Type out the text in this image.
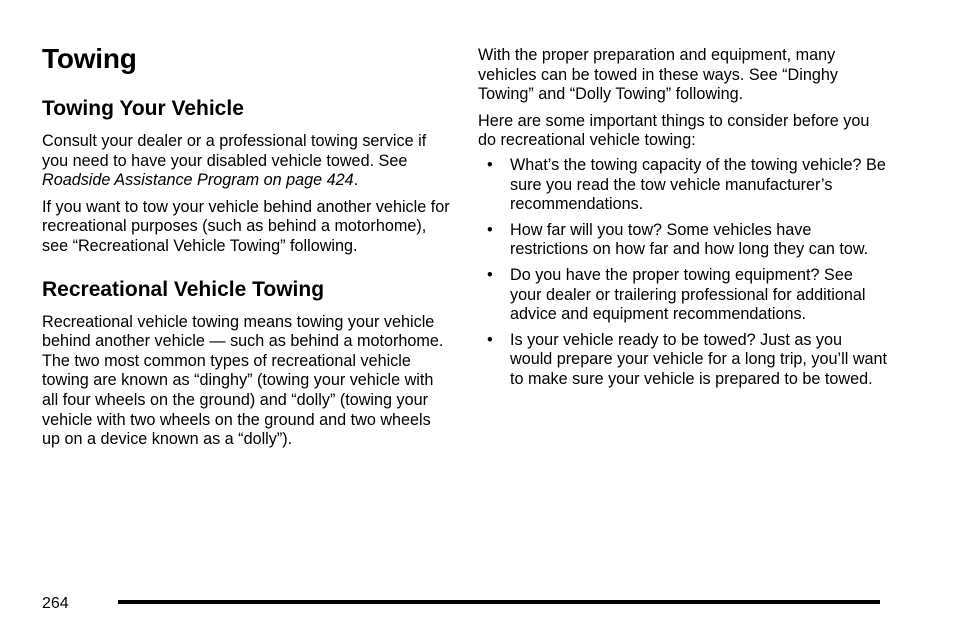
Towing
Towing Your Vehicle

Consult your dealer or a professional towing service if you need to have your disabled vehicle towed. See Roadside Assistance Program on page 424.

If you want to tow your vehicle behind another vehicle for recreational purposes (such as behind a motorhome), see “Recreational Vehicle Towing” following.

Recreational Vehicle Towing

Recreational vehicle towing means towing your vehicle behind another vehicle — such as behind a motorhome. The two most common types of recreational vehicle towing are known as “dinghy” (towing your vehicle with all four wheels on the ground) and “dolly” (towing your vehicle with two wheels on the ground and two wheels up on a device known as a “dolly”).

With the proper preparation and equipment, many vehicles can be towed in these ways. See “Dinghy Towing” and “Dolly Towing” following.

Here are some important things to consider before you do recreational vehicle towing:

• What’s the towing capacity of the towing vehicle? Be sure you read the tow vehicle manufacturer’s recommendations.
• How far will you tow? Some vehicles have restrictions on how far and how long they can tow.
• Do you have the proper towing equipment? See your dealer or trailering professional for additional advice and equipment recommendations.
• Is your vehicle ready to be towed? Just as you would prepare your vehicle for a long trip, you’ll want to make sure your vehicle is prepared to be towed.
264
